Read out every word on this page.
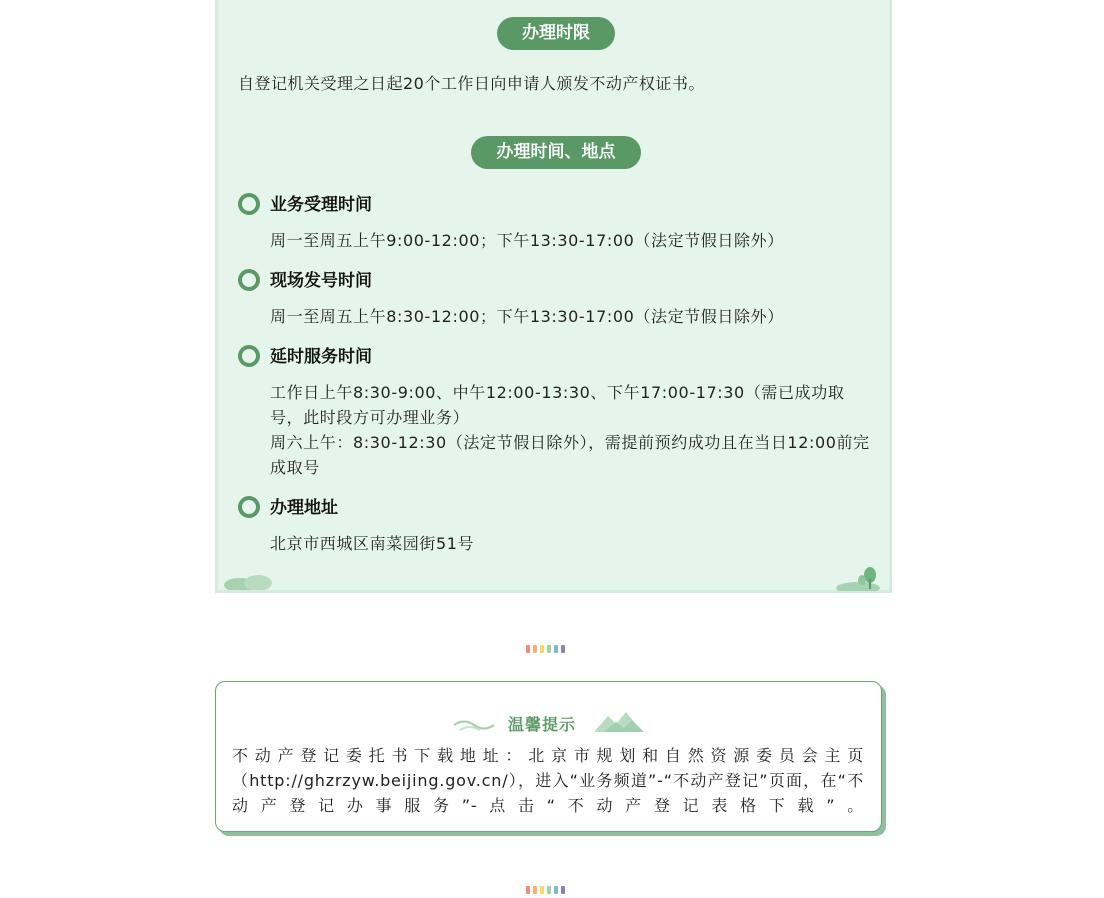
办理时限
自登记机关受理之日起20个工作日向申请人颁发不动产权证书。
办理时间、地点
业务受理时间
周一至周五上午9:00-12:00；下午13:30-17:00（法定节假日除外）
现场发号时间
周一至周五上午8:30-12:00；下午13:30-17:00（法定节假日除外）
延时服务时间
工作日上午8:30-9:00、中午12:00-13:30、下午17:00-17:30（需已成功取号，此时段方可办理业务）
周六上午：8:30-12:30（法定节假日除外），需提前预约成功且在当日12:00前完成取号
办理地址
北京市西城区南菜园街51号
温馨提示
不动产登记委托书下载地址：北京市规划和自然资源委员会主页（http://ghzrzyw.beijing.gov.cn/），进入“业务频道”-“不动产登记”页面，在“不动产登记办事服务”-点击“不动产登记表格下载”。
